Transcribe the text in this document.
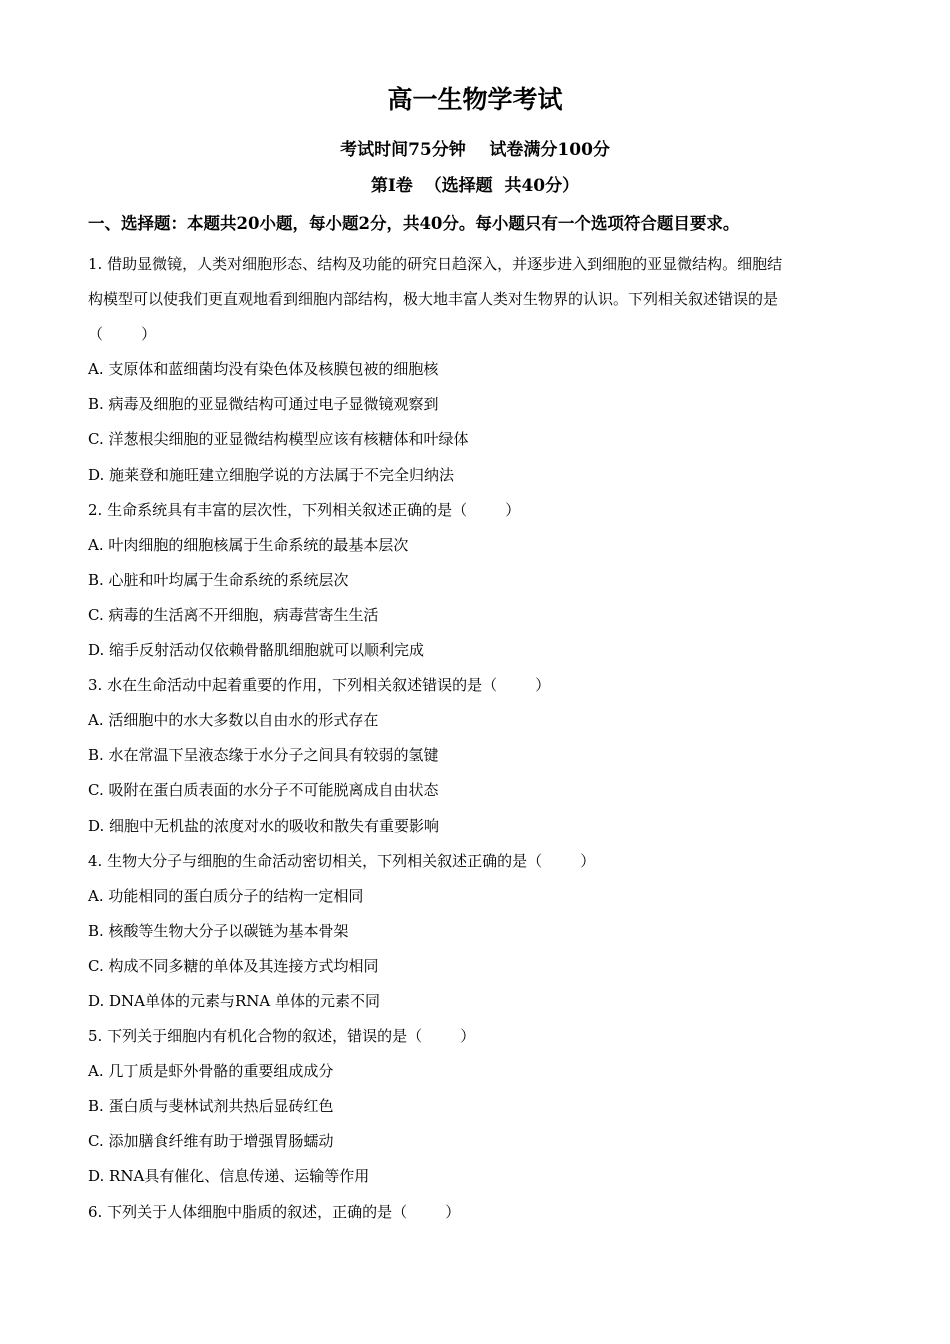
高一生物学考试
考试时间75分钟    试卷满分100分
第Ⅰ卷  （选择题  共40分）
一、选择题：本题共20小题，每小题2分，共40分。每小题只有一个选项符合题目要求。
1. 借助显微镜，人类对细胞形态、结构及功能的研究日趋深入，并逐步进入到细胞的亚显微结构。细胞结
构模型可以使我们更直观地看到细胞内部结构，极大地丰富人类对生物界的认识。下列相关叙述错误的是
（        ）
A. 支原体和蓝细菌均没有染色体及核膜包被的细胞核
B. 病毒及细胞的亚显微结构可通过电子显微镜观察到
C. 洋葱根尖细胞的亚显微结构模型应该有核糖体和叶绿体
D. 施莱登和施旺建立细胞学说的方法属于不完全归纳法
2. 生命系统具有丰富的层次性，下列相关叙述正确的是（        ）
A. 叶肉细胞的细胞核属于生命系统的最基本层次
B. 心脏和叶均属于生命系统的系统层次
C. 病毒的生活离不开细胞，病毒营寄生生活
D. 缩手反射活动仅依赖骨骼肌细胞就可以顺利完成
3. 水在生命活动中起着重要的作用，下列相关叙述错误的是（        ）
A. 活细胞中的水大多数以自由水的形式存在
B. 水在常温下呈液态缘于水分子之间具有较弱的氢键
C. 吸附在蛋白质表面的水分子不可能脱离成自由状态
D. 细胞中无机盐的浓度对水的吸收和散失有重要影响
4. 生物大分子与细胞的生命活动密切相关，下列相关叙述正确的是（        ）
A. 功能相同的蛋白质分子的结构一定相同
B. 核酸等生物大分子以碳链为基本骨架
C. 构成不同多糖的单体及其连接方式均相同
D. DNA单体的元素与RNA 单体的元素不同
5. 下列关于细胞内有机化合物的叙述，错误的是（        ）
A. 几丁质是虾外骨骼的重要组成成分
B. 蛋白质与斐林试剂共热后显砖红色
C. 添加膳食纤维有助于增强胃肠蠕动
D. RNA具有催化、信息传递、运输等作用
6. 下列关于人体细胞中脂质的叙述，正确的是（        ）
